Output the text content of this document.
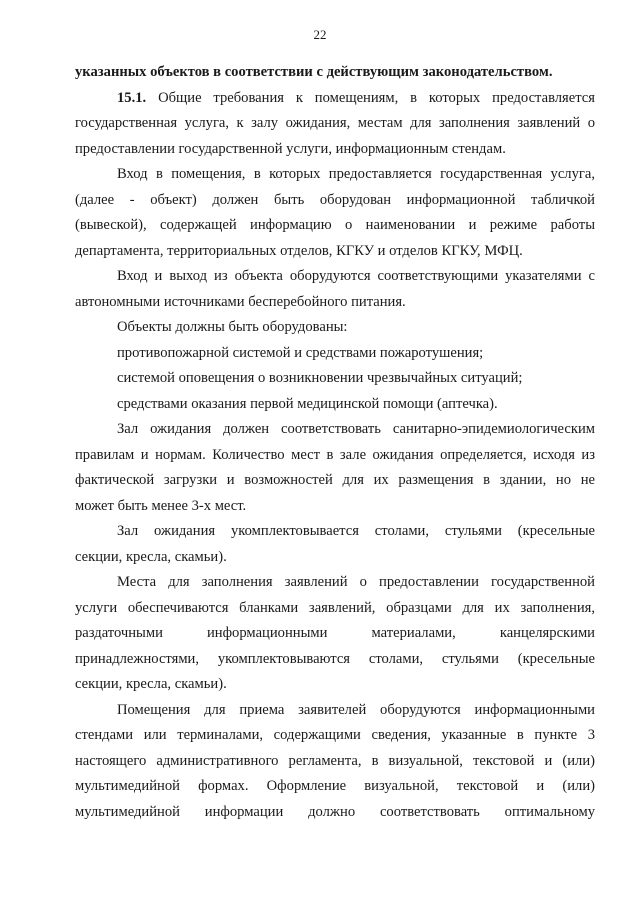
22
указанных объектов в соответствии с действующим законодательством.
15.1. Общие требования к помещениям, в которых предоставляется
государственная услуга, к залу ожидания, местам для заполнения заявлений о
предоставлении государственной услуги, информационным стендам.
Вход в помещения, в которых предоставляется государственная услуга,
(далее - объект) должен быть оборудован информационной табличкой
(вывеской), содержащей информацию о наименовании и режиме работы
департамента, территориальных отделов, КГКУ и отделов КГКУ, МФЦ.
Вход и выход из объекта оборудуются соответствующими указателями с
автономными источниками бесперебойного питания.
Объекты должны быть оборудованы:
противопожарной системой и средствами пожаротушения;
системой оповещения о возникновении чрезвычайных ситуаций;
средствами оказания первой медицинской помощи (аптечка).
Зал ожидания должен соответствовать санитарно-эпидемиологическим
правилам и нормам. Количество мест в зале ожидания определяется, исходя из
фактической загрузки и возможностей для их размещения в здании, но не
может быть менее 3-х мест.
Зал ожидания укомплектовывается столами, стульями (кресельные
секции, кресла, скамьи).
Места для заполнения заявлений о предоставлении государственной
услуги обеспечиваются бланками заявлений, образцами для их заполнения,
раздаточными информационными материалами, канцелярскими
принадлежностями, укомплектовываются столами, стульями (кресельные
секции, кресла, скамьи).
Помещения для приема заявителей оборудуются информационными
стендами или терминалами, содержащими сведения, указанные в пункте 3
настоящего административного регламента, в визуальной, текстовой и (или)
мультимедийной формах. Оформление визуальной, текстовой и (или)
мультимедийной информации должно соответствовать оптимальному
